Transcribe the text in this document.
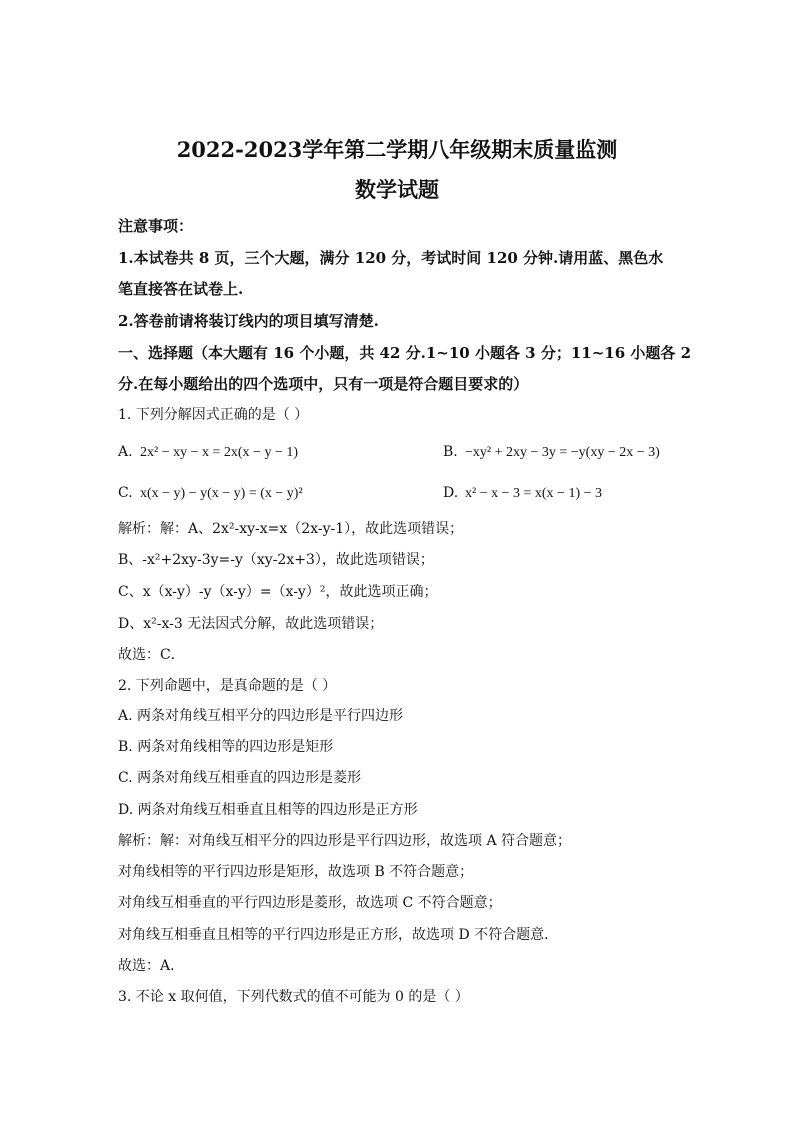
2022-2023学年第二学期八年级期末质量监测
数学试题
注意事项：
1.本试卷共 8 页，三个大题，满分 120 分，考试时间 120 分钟.请用蓝、黑色水
笔直接答在试卷上.
2.答卷前请将装订线内的项目填写清楚.
一、选择题（本大题有 16 个小题，共 42 分.1~10 小题各 3 分；11~16 小题各 2
分.在每小题给出的四个选项中，只有一项是符合题目要求的）
1. 下列分解因式正确的是（ ）
A. 2x² − xy − x = 2x(x − y − 1)	B. −xy² + 2xy − 3y = −y(xy − 2x − 3)
C. x(x − y) − y(x − y) = (x − y)²	D. x² − x − 3 = x(x − 1) − 3
解析：解：A、2x²-xy-x=x（2x-y-1），故此选项错误；
B、-x²+2xy-3y=-y（xy-2x+3），故此选项错误；
C、x（x-y）-y（x-y）=（x-y）²，故此选项正确；
D、x²-x-3 无法因式分解，故此选项错误；
故选：C．
2. 下列命题中，是真命题的是（ ）
A. 两条对角线互相平分的四边形是平行四边形
B. 两条对角线相等的四边形是矩形
C. 两条对角线互相垂直的四边形是菱形
D. 两条对角线互相垂直且相等的四边形是正方形
解析：解：对角线互相平分的四边形是平行四边形，故选项 A 符合题意；
对角线相等的平行四边形是矩形，故选项 B 不符合题意；
对角线互相垂直的平行四边形是菱形，故选项 C 不符合题意；
对角线互相垂直且相等的平行四边形是正方形，故选项 D 不符合题意．
故选：A．
3. 不论 x 取何值，下列代数式的值不可能为 0 的是（ ）
